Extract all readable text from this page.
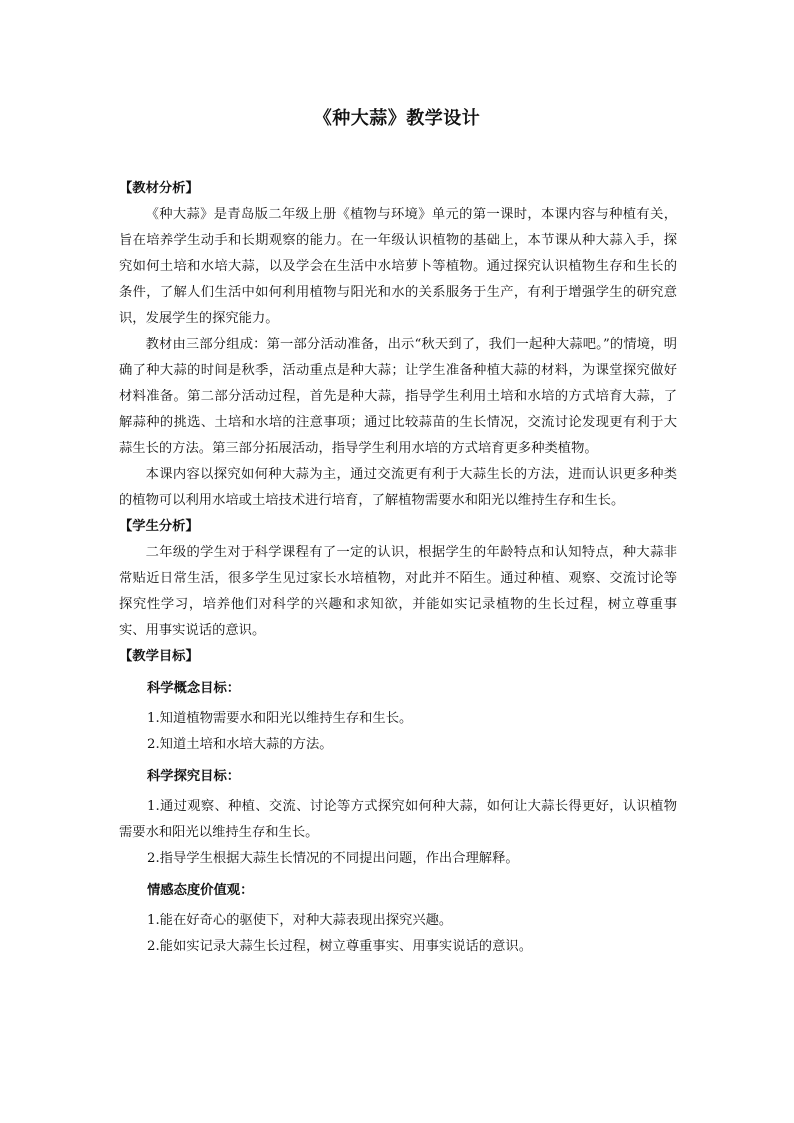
《种大蒜》教学设计

【教材分析】

《种大蒜》是青岛版二年级上册《植物与环境》单元的第一课时，本课内容与种植有关，旨在培养学生动手和长期观察的能力。在一年级认识植物的基础上，本节课从种大蒜入手，探究如何土培和水培大蒜，以及学会在生活中水培萝卜等植物。通过探究认识植物生存和生长的条件，了解人们生活中如何利用植物与阳光和水的关系服务于生产，有利于增强学生的研究意识，发展学生的探究能力。

教材由三部分组成：第一部分活动准备，出示“秋天到了，我们一起种大蒜吧。”的情境，明确了种大蒜的时间是秋季，活动重点是种大蒜；让学生准备种植大蒜的材料，为课堂探究做好材料准备。第二部分活动过程，首先是种大蒜，指导学生利用土培和水培的方式培育大蒜，了解蒜种的挑选、土培和水培的注意事项；通过比较蒜苗的生长情况，交流讨论发现更有利于大蒜生长的方法。第三部分拓展活动，指导学生利用水培的方式培育更多种类植物。

本课内容以探究如何种大蒜为主，通过交流更有利于大蒜生长的方法，进而认识更多种类的植物可以利用水培或土培技术进行培育，了解植物需要水和阳光以维持生存和生长。

【学生分析】

二年级的学生对于科学课程有了一定的认识，根据学生的年龄特点和认知特点，种大蒜非常贴近日常生活，很多学生见过家长水培植物，对此并不陌生。通过种植、观察、交流讨论等探究性学习，培养他们对科学的兴趣和求知欲，并能如实记录植物的生长过程，树立尊重事实、用事实说话的意识。

【教学目标】

科学概念目标：

1.知道植物需要水和阳光以维持生存和生长。

2.知道土培和水培大蒜的方法。

科学探究目标：

1.通过观察、种植、交流、讨论等方式探究如何种大蒜，如何让大蒜长得更好，认识植物需要水和阳光以维持生存和生长。

2.指导学生根据大蒜生长情况的不同提出问题，作出合理解释。

情感态度价值观：

1.能在好奇心的驱使下，对种大蒜表现出探究兴趣。

2.能如实记录大蒜生长过程，树立尊重事实、用事实说话的意识。
